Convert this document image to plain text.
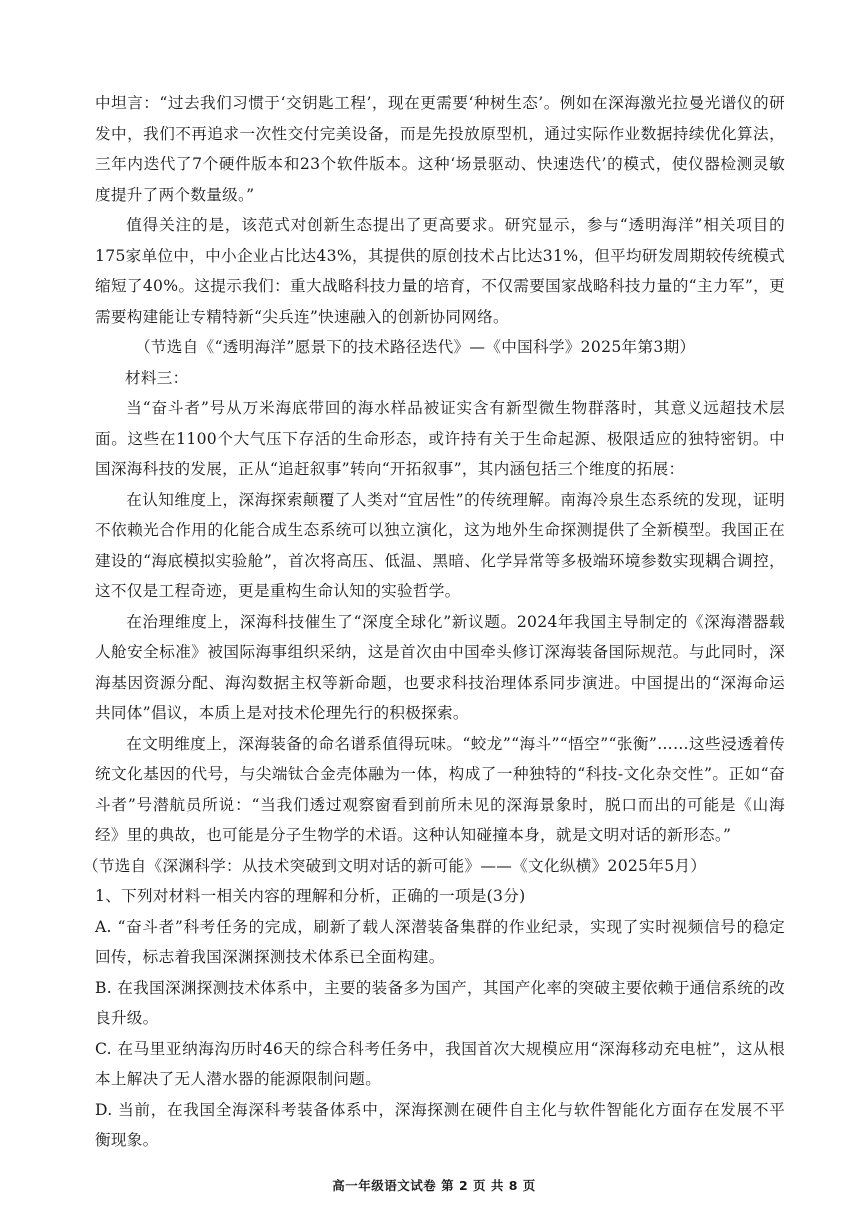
中坦言：“过去我们习惯于‘交钥匙工程’，现在更需要‘种树生态’。例如在深海激光拉曼光谱仪的研发中，我们不再追求一次性交付完美设备，而是先投放原型机，通过实际作业数据持续优化算法，三年内迭代了7个硬件版本和23个软件版本。这种‘场景驱动、快速迭代’的模式，使仪器检测灵敏度提升了两个数量级。”

值得关注的是，该范式对创新生态提出了更高要求。研究显示，参与“透明海洋”相关项目的175家单位中，中小企业占比达43%，其提供的原创技术占比达31%，但平均研发周期较传统模式缩短了40%。这提示我们：重大战略科技力量的培育，不仅需要国家战略科技力量的“主力军”，更需要构建能让专精特新“尖兵连”快速融入的创新协同网络。

（节选自《“透明海洋”愿景下的技术路径迭代》—《中国科学》2025年第3期）

材料三：

当“奋斗者”号从万米海底带回的海水样品被证实含有新型微生物群落时，其意义远超技术层面。这些在1100个大气压下存活的生命形态，或许持有关于生命起源、极限适应的独特密钥。中国深海科技的发展，正从“追赶叙事”转向“开拓叙事”，其内涵包括三个维度的拓展：

在认知维度上，深海探索颠覆了人类对“宜居性”的传统理解。南海冷泉生态系统的发现，证明不依赖光合作用的化能合成生态系统可以独立演化，这为地外生命探测提供了全新模型。我国正在建设的“海底模拟实验舱”，首次将高压、低温、黑暗、化学异常等多极端环境参数实现耦合调控，这不仅是工程奇迹，更是重构生命认知的实验哲学。

在治理维度上，深海科技催生了“深度全球化”新议题。2024年我国主导制定的《深海潜器载人舱安全标准》被国际海事组织采纳，这是首次由中国牵头修订深海装备国际规范。与此同时，深海基因资源分配、海沟数据主权等新命题，也要求科技治理体系同步演进。中国提出的“深海命运共同体”倡议，本质上是对技术伦理先行的积极探索。

在文明维度上，深海装备的命名谱系值得玩味。“蛟龙”“海斗”“悟空”“张衡”……这些浸透着传统文化基因的代号，与尖端钛合金壳体融为一体，构成了一种独特的“科技-文化杂交性”。正如“奋斗者”号潜航员所说：“当我们透过观察窗看到前所未见的深海景象时，脱口而出的可能是《山海经》里的典故，也可能是分子生物学的术语。这种认知碰撞本身，就是文明对话的新形态。”

（节选自《深渊科学：从技术突破到文明对话的新可能》——《文化纵横》2025年5月）

1、下列对材料一相关内容的理解和分析，正确的一项是(3分)

A. “奋斗者”科考任务的完成，刷新了载人深潜装备集群的作业纪录，实现了实时视频信号的稳定回传，标志着我国深渊探测技术体系已全面构建。

B. 在我国深渊探测技术体系中，主要的装备多为国产，其国产化率的突破主要依赖于通信系统的改良升级。

C. 在马里亚纳海沟历时46天的综合科考任务中，我国首次大规模应用“深海移动充电桩”，这从根本上解决了无人潜水器的能源限制问题。

D. 当前，在我国全海深科考装备体系中，深海探测在硬件自主化与软件智能化方面存在发展不平衡现象。

高一年级语文试卷 第 2 页 共 8 页
